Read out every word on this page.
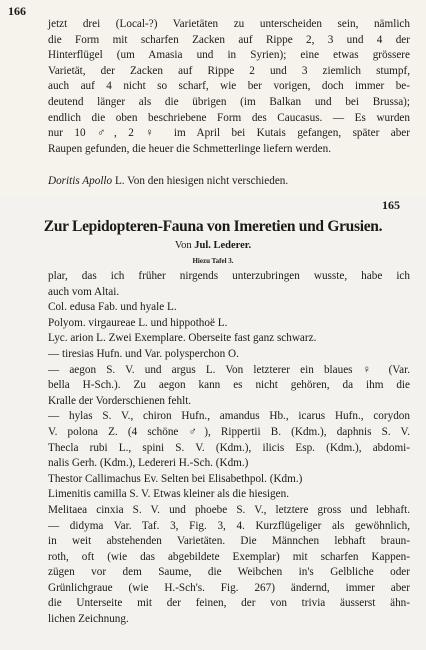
166
jetzt drei (Local-?) Varietäten zu unterscheiden sein, nämlich
die Form mit scharfen Zacken auf Rippe 2, 3 und 4 der
Hinterflügel (um Amasia und in Syrien); eine etwas grössere
Varietät, der Zacken auf Rippe 2 und 3 ziemlich stumpf,
auch auf 4 nicht so scharf, wie ber vorigen, doch immer be-
deutend länger als die übrigen (im Balkan und bei Brussa);
endlich die oben beschriebene Form des Caucasus. — Es wurden
nur 10 ♂, 2 ♀ im April bei Kutais gefangen, später aber
Raupen gefunden, die heuer die Schmetterlinge liefern werden.
Doritis Apollo L. Von den hiesigen nicht verschieden.
165
Zur Lepidopteren-Fauna von Imeretien und Grusien.
Von Jul. Lederer.
Hiezu Tafel 3.
plar, das ich früher nirgends unterzubringen wusste, habe ich
auch vom Altai.
Col. edusa Fab. und hyale L.
Polyom. virgaureae L. und hippothoë L.
Lyc. arion L. Zwei Exemplare. Oberseite fast ganz schwarz.
— tiresias Hufn. und Var. polysperchon O.
— aegon S. V. und argus L. Von letzterer ein blaues ♀ (Var.
bella H-Sch.). Zu aegon kann es nicht gehören, da ihm die
Kralle der Vorderschienen fehlt.
— hylas S. V., chiron Hufn., amandus Hb., icarus Hufn., corydon
V. polona Z. (4 schöne ♂), Rippertii B. (Kdm.), daphnis S. V.
Thecla rubi L., spini S. V. (Kdm.), ilicis Esp. (Kdm.), abdomi-
nalis Gerh. (Kdm.), Ledereri H.-Sch. (Kdm.)
Thestor Callimachus Ev. Selten bei Elisabethpol. (Kdm.)
Limenitis camilla S. V. Etwas kleiner als die hiesigen.
Melitaea cinxia S. V. und phoebe S. V., letztere gross und lebhaft.
— didyma Var. Taf. 3, Fig. 3, 4. Kurzflügeliger als gewöhnlich,
in weit abstehenden Varietäten. Die Männchen lebhaft braun-
roth, oft (wie das abgebildete Exemplar) mit scharfen Kappen-
zügen vor dem Saume, die Weibchen in's Gelbliche oder
Grünlichgraue (wie H.-Sch's. Fig. 267) ändernd, immer aber
die Unterseite mit der feinen, der von trivia äusserst ähn-
lichen Zeichnung.
